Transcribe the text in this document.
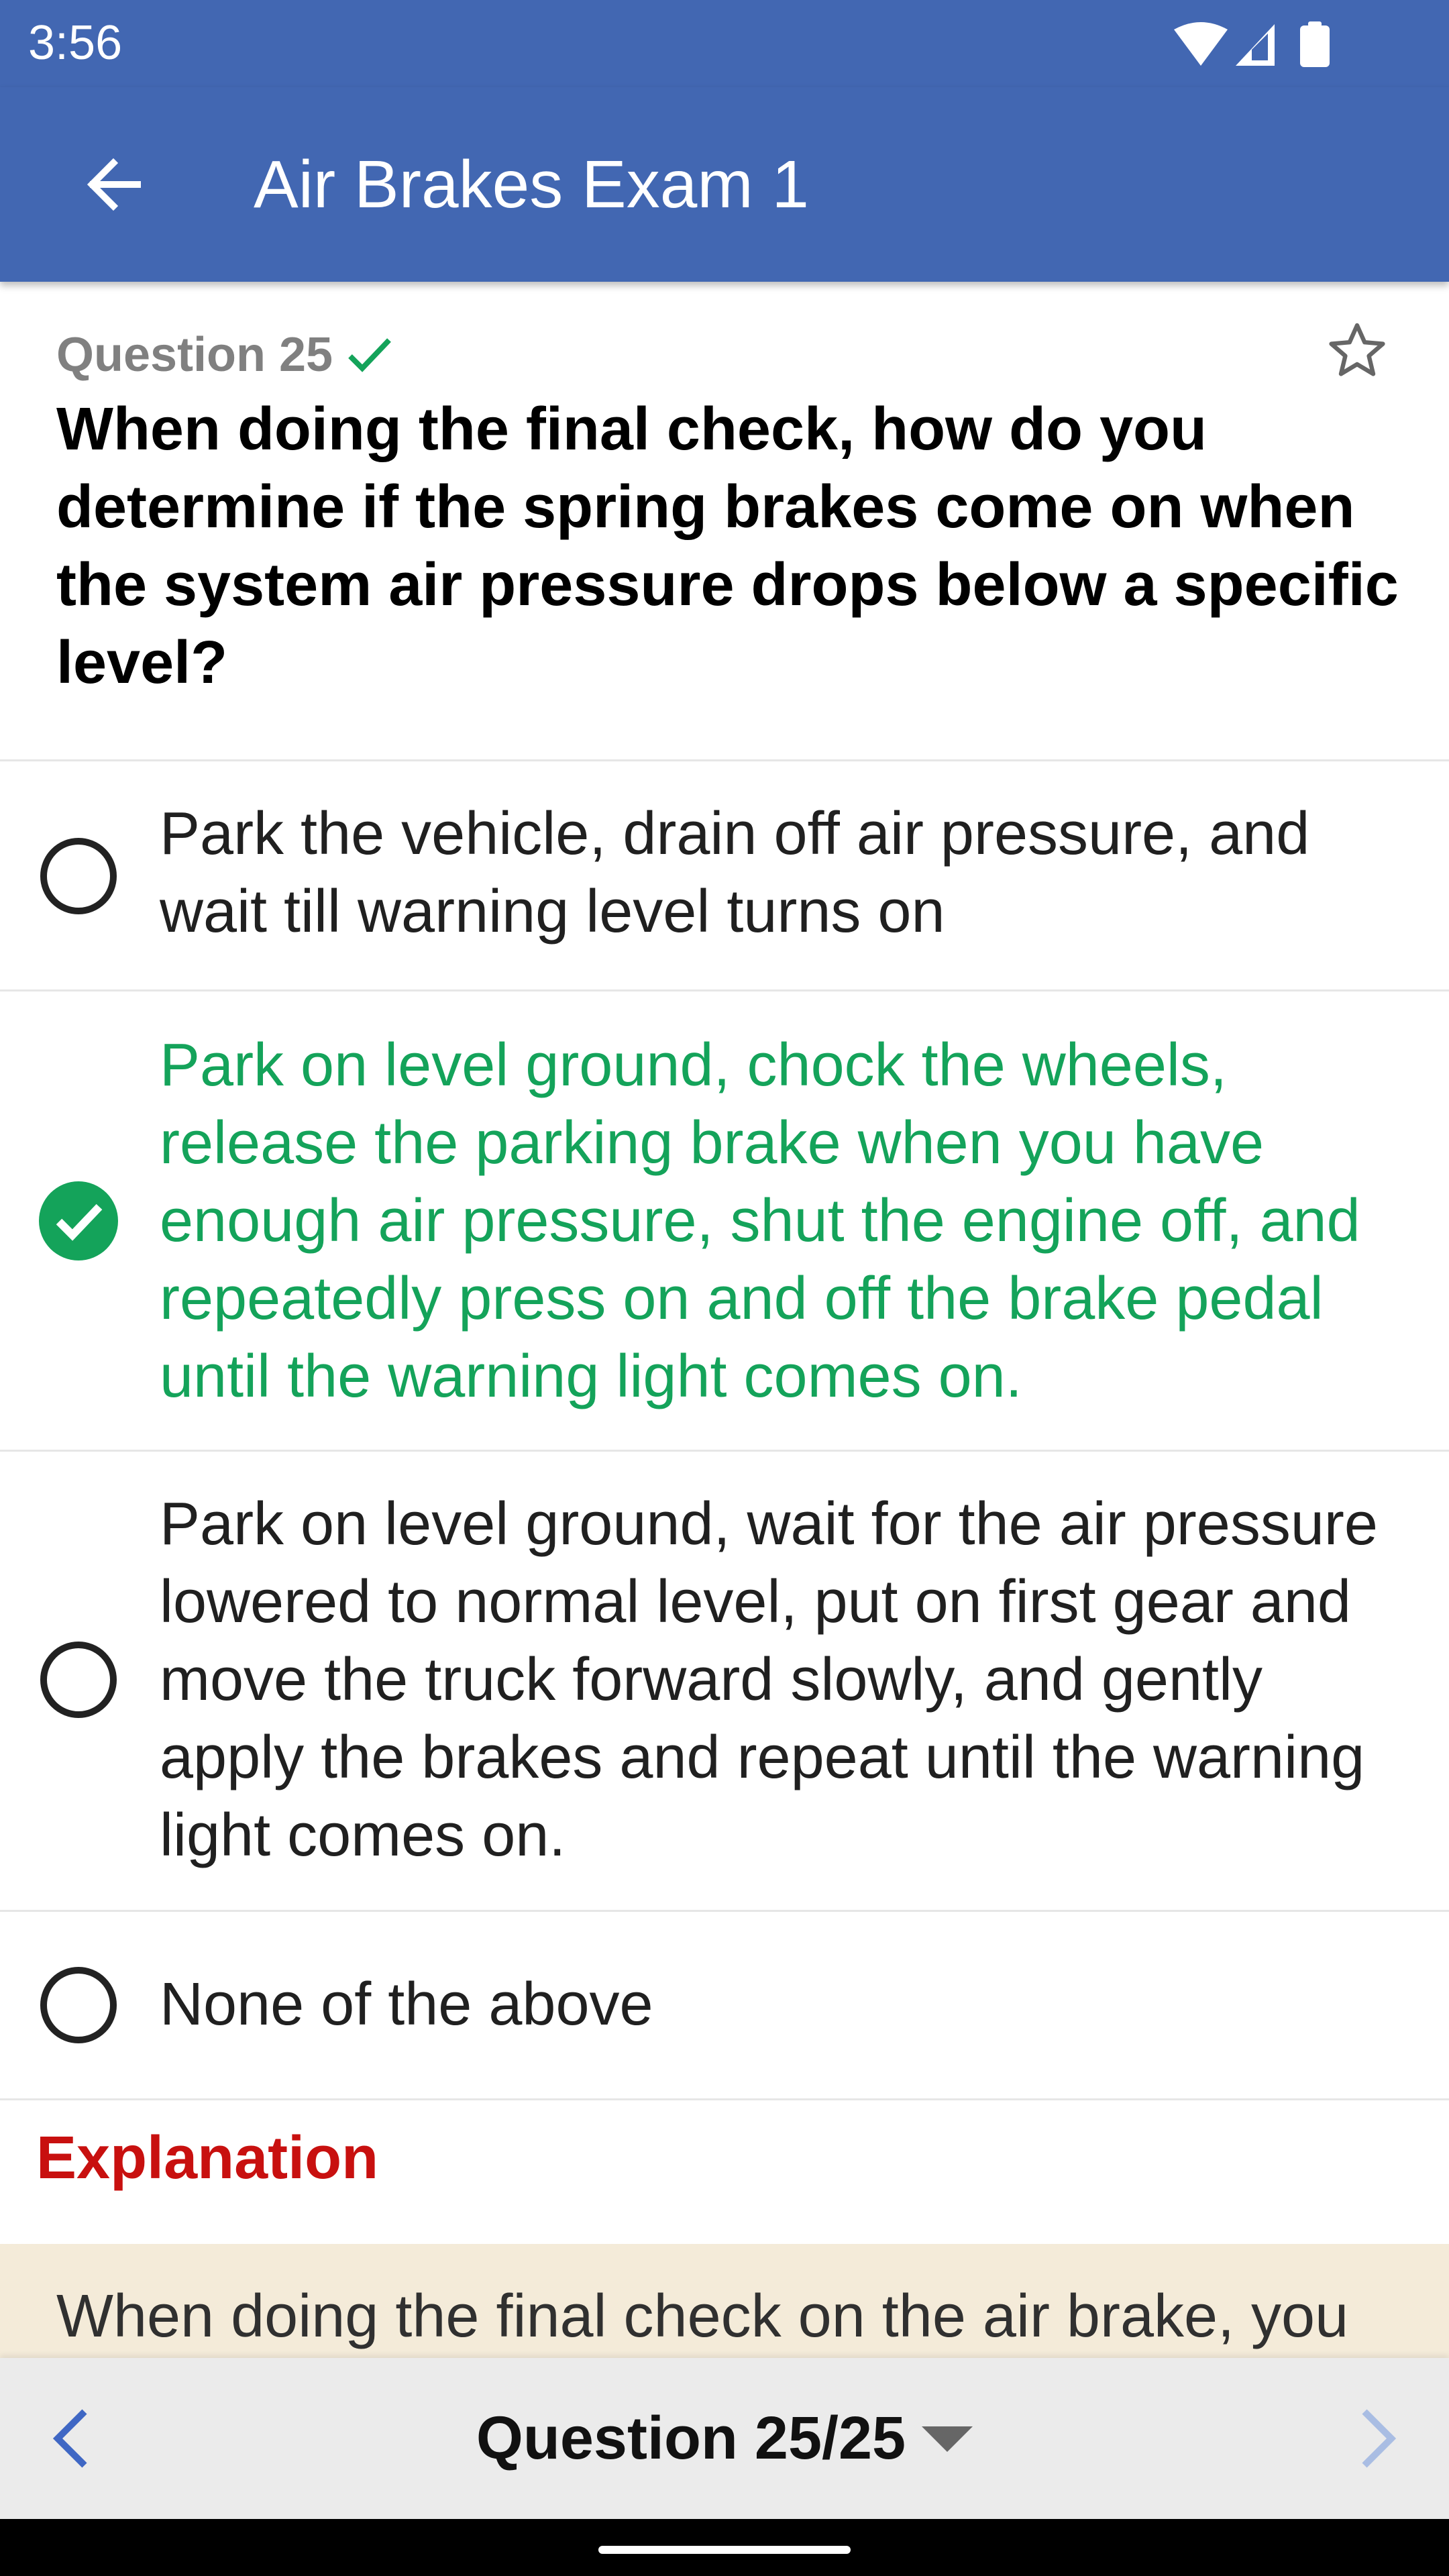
3:56
Air Brakes Exam 1
Question 25

When doing the final check, how do you determine if the spring brakes come on when the system air pressure drops below a specific level?

Park the vehicle, drain off air pressure, and wait till warning level turns on
Park on level ground, chock the wheels, release the parking brake when you have enough air pressure, shut the engine off, and repeatedly press on and off the brake pedal until the warning light comes on.
Park on level ground, wait for the air pressure lowered to normal level, put on first gear and move the truck forward slowly, and gently apply the brakes and repeat until the warning light comes on.
None of the above
Explanation
When doing the final check on the air brake, you
Question 25/25
